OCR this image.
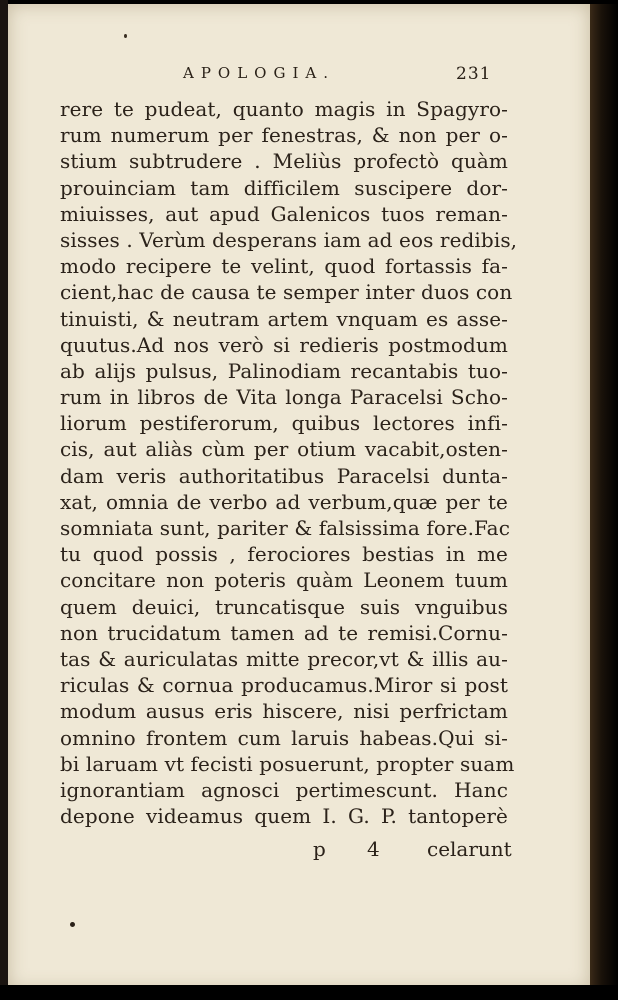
APOLOGIA.	231
rere te pudeat, quanto magis in Spagyro-
rum numerum per fenestras, & non per o-
stium subtrudere . Meliùs profectò quàm
prouinciam tam difficilem suscipere dor-
miuisses, aut apud Galenicos tuos reman-
sisses . Verùm desperans iam ad eos redibis,
modo recipere te velint, quod fortassis fa-
cient,hac de causa te semper inter duos con
tinuisti, & neutram artem vnquam es asse-
quutus.Ad nos verò si redieris postmodum
ab alijs pulsus, Palinodiam recantabis tuo-
rum in libros de Vita longa Paracelsi Scho-
liorum pestiferorum, quibus lectores infi-
cis, aut aliàs cùm per otium vacabit,osten-
dam veris authoritatibus Paracelsi dunta-
xat, omnia de verbo ad verbum,quæ per te
somniata sunt, pariter & falsissima fore.Fac
tu quod possis , ferociores bestias in me
concitare non poteris quàm Leonem tuum
quem deuici, truncatisque suis vnguibus
non trucidatum tamen ad te remisi.Cornu-
tas & auriculatas mitte precor,vt & illis au-
riculas & cornua producamus.Miror si post
modum ausus eris hiscere, nisi perfrictam
omnino frontem cum laruis habeas.Qui si-
bi laruam vt fecisti posuerunt, propter suam
ignorantiam agnosci pertimescunt. Hanc
depone videamus quem I. G. P. tantoperè
p 4 celarunt
